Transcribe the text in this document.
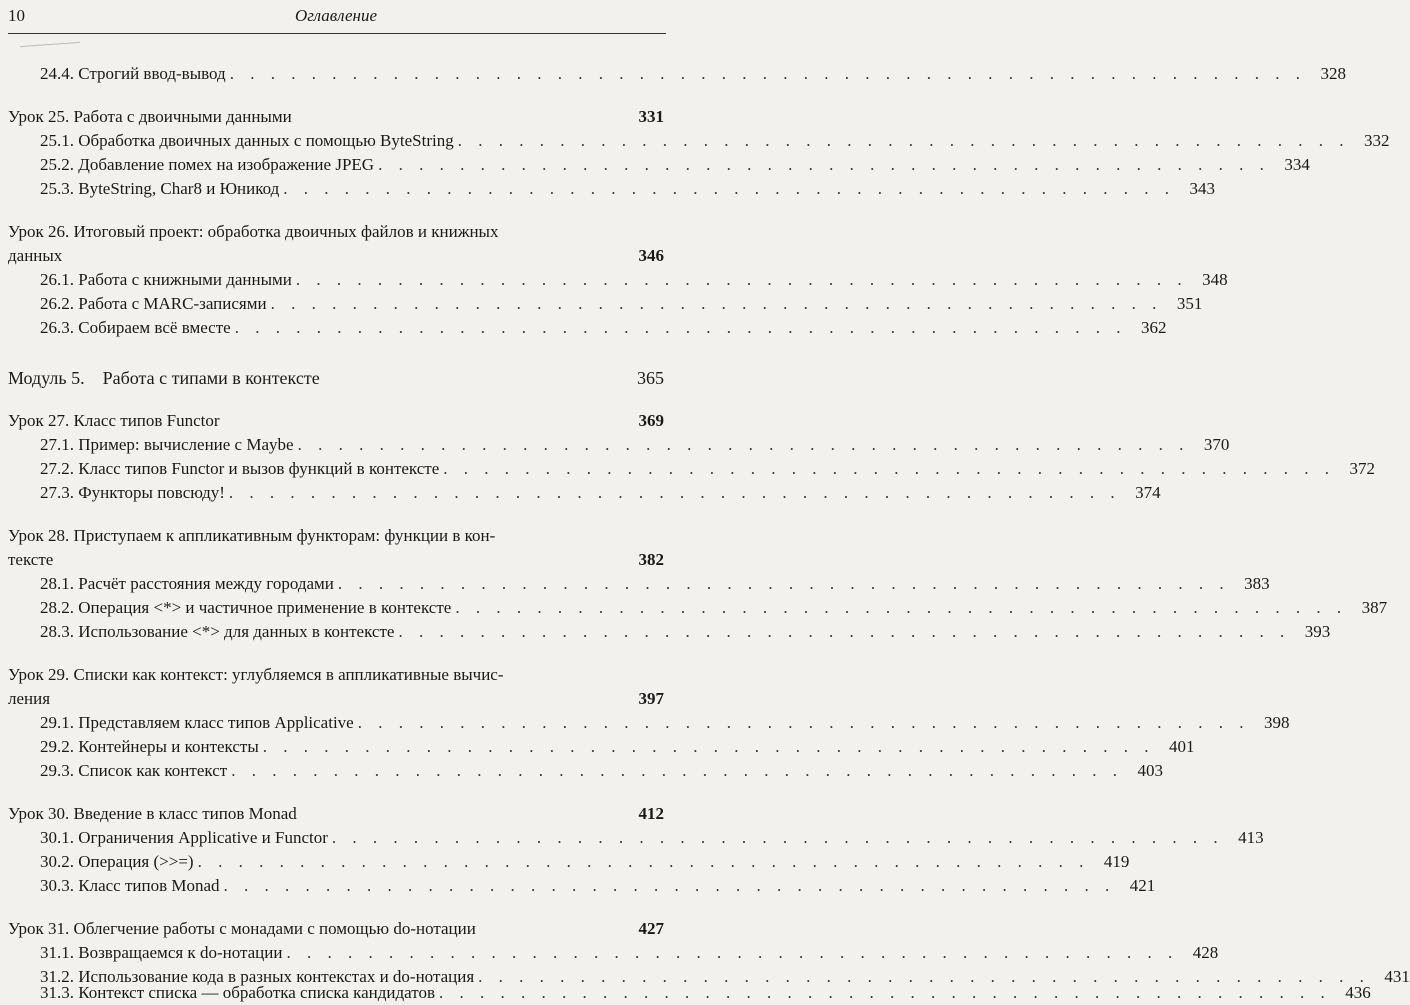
10	Оглавление
24.4. Строгий ввод-вывод . . . . . . . . . . . . . . . . . . . . . . . . . . . . . . . . . . . . . . . . . . . . . . . . . . . . . 328
Урок 25. Работа с двоичными данными	331
25.1. Обработка двоичных данных с помощью ByteString . . . . . . . . . . . . . . . . . . . . . . . . . . . . . . . . . . . . . . . . . . . . 332
25.2. Добавление помех на изображение JPEG . . . . . . . . . . . . . . . . . . . . . . . . . . . . . . . . . . . . . . . . . . . . 334
25.3. ByteString, Char8 и Юникод . . . . . . . . . . . . . . . . . . . . . . . . . . . . . . . . . . . . . . . . . . . . 343
Урок 26. Итоговый проект: обработка двоичных файлов и книжных
данных	346
26.1. Работа с книжными данными . . . . . . . . . . . . . . . . . . . . . . . . . . . . . . . . . . . . . . . . . . . . 348
26.2. Работа с MARC-записями . . . . . . . . . . . . . . . . . . . . . . . . . . . . . . . . . . . . . . . . . . . . 351
26.3. Собираем всё вместе . . . . . . . . . . . . . . . . . . . . . . . . . . . . . . . . . . . . . . . . . . . . 362
Модуль 5.    Работа с типами в контексте	365
Урок 27. Класс типов Functor	369
27.1. Пример: вычисление с Maybe . . . . . . . . . . . . . . . . . . . . . . . . . . . . . . . . . . . . . . . . . . . . 370
27.2. Класс типов Functor и вызов функций в контексте . . . . . . . . . . . . . . . . . . . . . . . . . . . . . . . . . . . . . . . . . . . . 372
27.3. Функторы повсюду! . . . . . . . . . . . . . . . . . . . . . . . . . . . . . . . . . . . . . . . . . . . . 374
Урок 28. Приступаем к аппликативным функторам: функции в кон-
тексте	382
28.1. Расчёт расстояния между городами . . . . . . . . . . . . . . . . . . . . . . . . . . . . . . . . . . . . . . . . . . . . 383
28.2. Операция <*> и частичное применение в контексте . . . . . . . . . . . . . . . . . . . . . . . . . . . . . . . . . . . . . . . . . . . . 387
28.3. Использование <*> для данных в контексте . . . . . . . . . . . . . . . . . . . . . . . . . . . . . . . . . . . . . . . . . . . . 393
Урок 29. Списки как контекст: углубляемся в аппликативные вычис-
ления	397
29.1. Представляем класс типов Applicative . . . . . . . . . . . . . . . . . . . . . . . . . . . . . . . . . . . . . . . . . . . . 398
29.2. Контейнеры и контексты . . . . . . . . . . . . . . . . . . . . . . . . . . . . . . . . . . . . . . . . . . . . 401
29.3. Список как контекст . . . . . . . . . . . . . . . . . . . . . . . . . . . . . . . . . . . . . . . . . . . . 403
Урок 30. Введение в класс типов Monad	412
30.1. Ограничения Applicative и Functor . . . . . . . . . . . . . . . . . . . . . . . . . . . . . . . . . . . . . . . . . . . . 413
30.2. Операция (>>=) . . . . . . . . . . . . . . . . . . . . . . . . . . . . . . . . . . . . . . . . . . . . 419
30.3. Класс типов Monad . . . . . . . . . . . . . . . . . . . . . . . . . . . . . . . . . . . . . . . . . . . . 421
Урок 31. Облегчение работы с монадами с помощью do-нотации	427
31.1. Возвращаемся к do-нотации . . . . . . . . . . . . . . . . . . . . . . . . . . . . . . . . . . . . . . . . . . . . 428
31.2. Использование кода в разных контекстах и do-нотация . . . . . . . . . . . . . . . . . . . . . . . . . . . . . . . . . . . . . . . . . . . . 431
31.3. Контекст списка — обработка списка кандидатов . . . . . . . . . . . . . . . . . . . . . . . . . . . . . . . . . . . . . . . . . . . . 436
